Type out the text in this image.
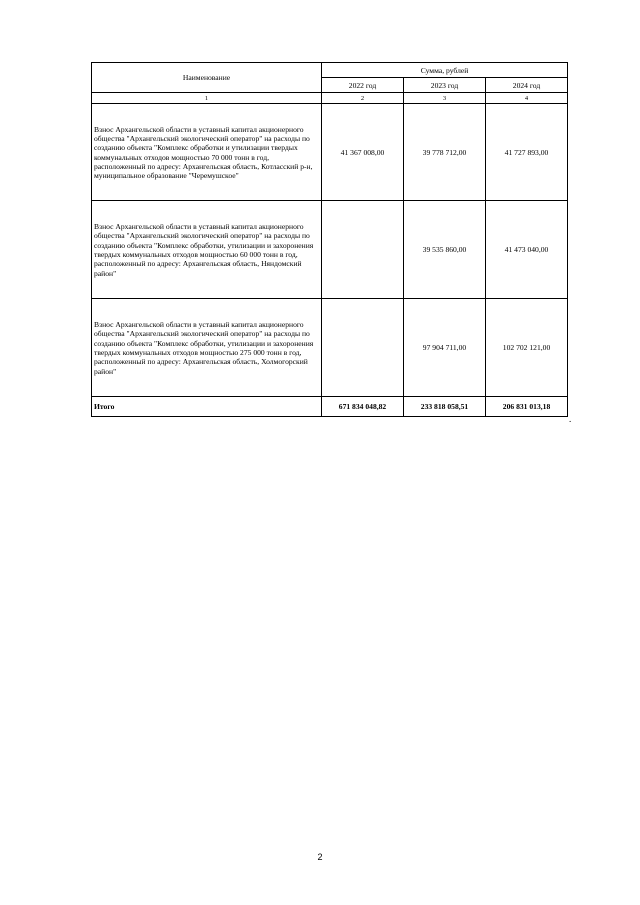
Наименование	Сумма, рублей		
	2022 год	2023 год	2024 год
1	2	3	4
Взнос Архангельской области в уставный капитал акционерного общества "Архангельский экологический оператор" на расходы по созданию объекта "Комплекс обработки и утилизации твердых коммунальных отходов мощностью 70 000 тонн в год, расположенный по адресу: Архангельская область, Котласский р-н, муниципальное образование "Черемушское"	41 367 008,00	39 778 712,00	41 727 893,00
Взнос Архангельской области в уставный капитал акционерного общества "Архангельский экологический оператор" на расходы по созданию объекта "Комплекс обработки, утилизации и захоронения твердых коммунальных отходов мощностью 60 000 тонн в год, расположенный по адресу: Архангельская область, Няндомский район"		39 535 860,00	41 473 040,00
Взнос Архангельской области в уставный капитал акционерного общества "Архангельский экологический оператор" на расходы по созданию объекта "Комплекс обработки, утилизации и захоронения твердых коммунальных отходов мощностью 275 000 тонн в год, расположенный по адресу: Архангельская область, Холмогорский район"		97 904 711,00	102 702 121,00
Итого	671 834 048,82	233 818 058,51	206 831 013,18
.
2
